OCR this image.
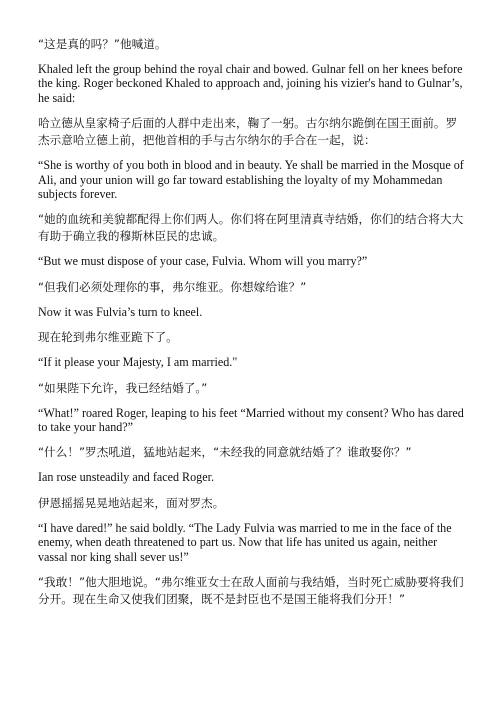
“这是真的吗？”他喊道。

Khaled left the group behind the royal chair and bowed. Gulnar fell on her knees before the king. Roger beckoned Khaled to approach and, joining his vizier's hand to Gulnar’s, he said:

哈立德从皇家椅子后面的人群中走出来，鞠了一躬。古尔纳尔跪倒在国王面前。罗杰示意哈立德上前，把他首相的手与古尔纳尔的手合在一起，说：

“She is worthy of you both in blood and in beauty. Ye shall be married in the Mosque of Ali, and your union will go far toward establishing the loyalty of my Mohammedan subjects forever.

“她的血统和美貌都配得上你们两人。你们将在阿里清真寺结婚，你们的结合将大大有助于确立我的穆斯林臣民的忠诚。

“But we must dispose of your case, Fulvia. Whom will you marry?”

“但我们必须处理你的事，弗尔维亚。你想嫁给谁？”

Now it was Fulvia’s turn to kneel.

现在轮到弗尔维亚跪下了。

“If it please your Majesty, I am married."

“如果陛下允许，我已经结婚了。”

“What!” roared Roger, leaping to his feet “Married without my consent? Who has dared to take your hand?”

“什么！”罗杰吼道，猛地站起来，“未经我的同意就结婚了？谁敢娶你？”

Ian rose unsteadily and faced Roger.

伊恩摇摇晃晃地站起来，面对罗杰。

“I have dared!” he said boldly. “The Lady Fulvia was married to me in the face of the enemy, when death threatened to part us. Now that life has united us again, neither vassal nor king shall sever us!”

“我敢！”他大胆地说。“弗尔维亚女士在敌人面前与我结婚，当时死亡威胁要将我们分开。现在生命又使我们团聚，既不是封臣也不是国王能将我们分开！”
